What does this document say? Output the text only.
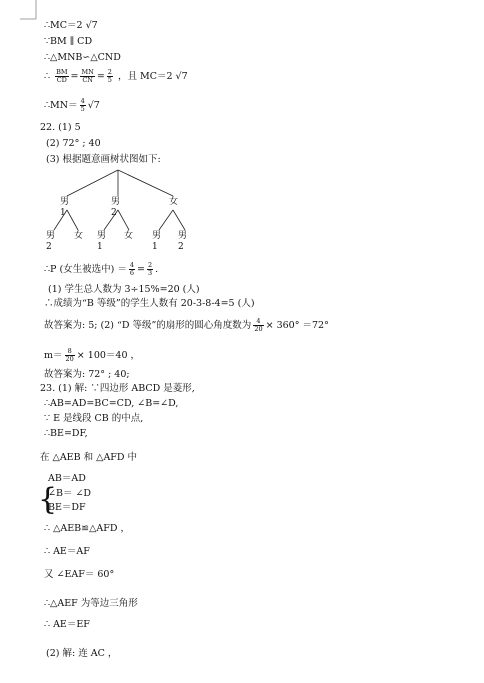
∴MC＝2 √7
∵BM ∥ CD
∴△MNB∽△CND
∴ $\frac{BM}{CD} = \frac{MN}{CN} = \frac{2}{5}$ ，且 MC＝2 √7
∴MN＝ $\frac{4}{5} √7$
22. (1) 5
(2) 72° ; 40
(3) 根据题意画树状图如下:
男1
男2
女
男2
女 男1
女 男1
男2
∴P (女生被选中) ＝ $\frac{4}{6} = \frac{2}{3}$ .
(1) 学生总人数为 3÷15%=20 (人)
∴成绩为“B 等级”的学生人数有 20-3-8-4=5 (人)
故答案为: 5; (2) “D 等级”的扇形的圆心角度数为 $\frac{4}{20} \times 360^\circ =72^\circ$
$m= \frac{8}{20} \times 100=40$ ，
故答案为: 72° ; 40;
23. (1) 解: ∵四边形 ABCD 是菱形,
∴AB=AD=BC=CD, ∠B=∠D,
∵ E 是线段 CB 的中点,
∴BE=DF,
在 △AEB 和 △AFD 中
{
AB＝AD
∠B＝ ∠D
BE＝DF
∴ △AEB≌△AFD ，
∴ AE＝AF
又 ∠EAF＝ 60°
∴△AEF 为等边三角形
∴ AE＝EF
(2) 解: 连 AC ，
